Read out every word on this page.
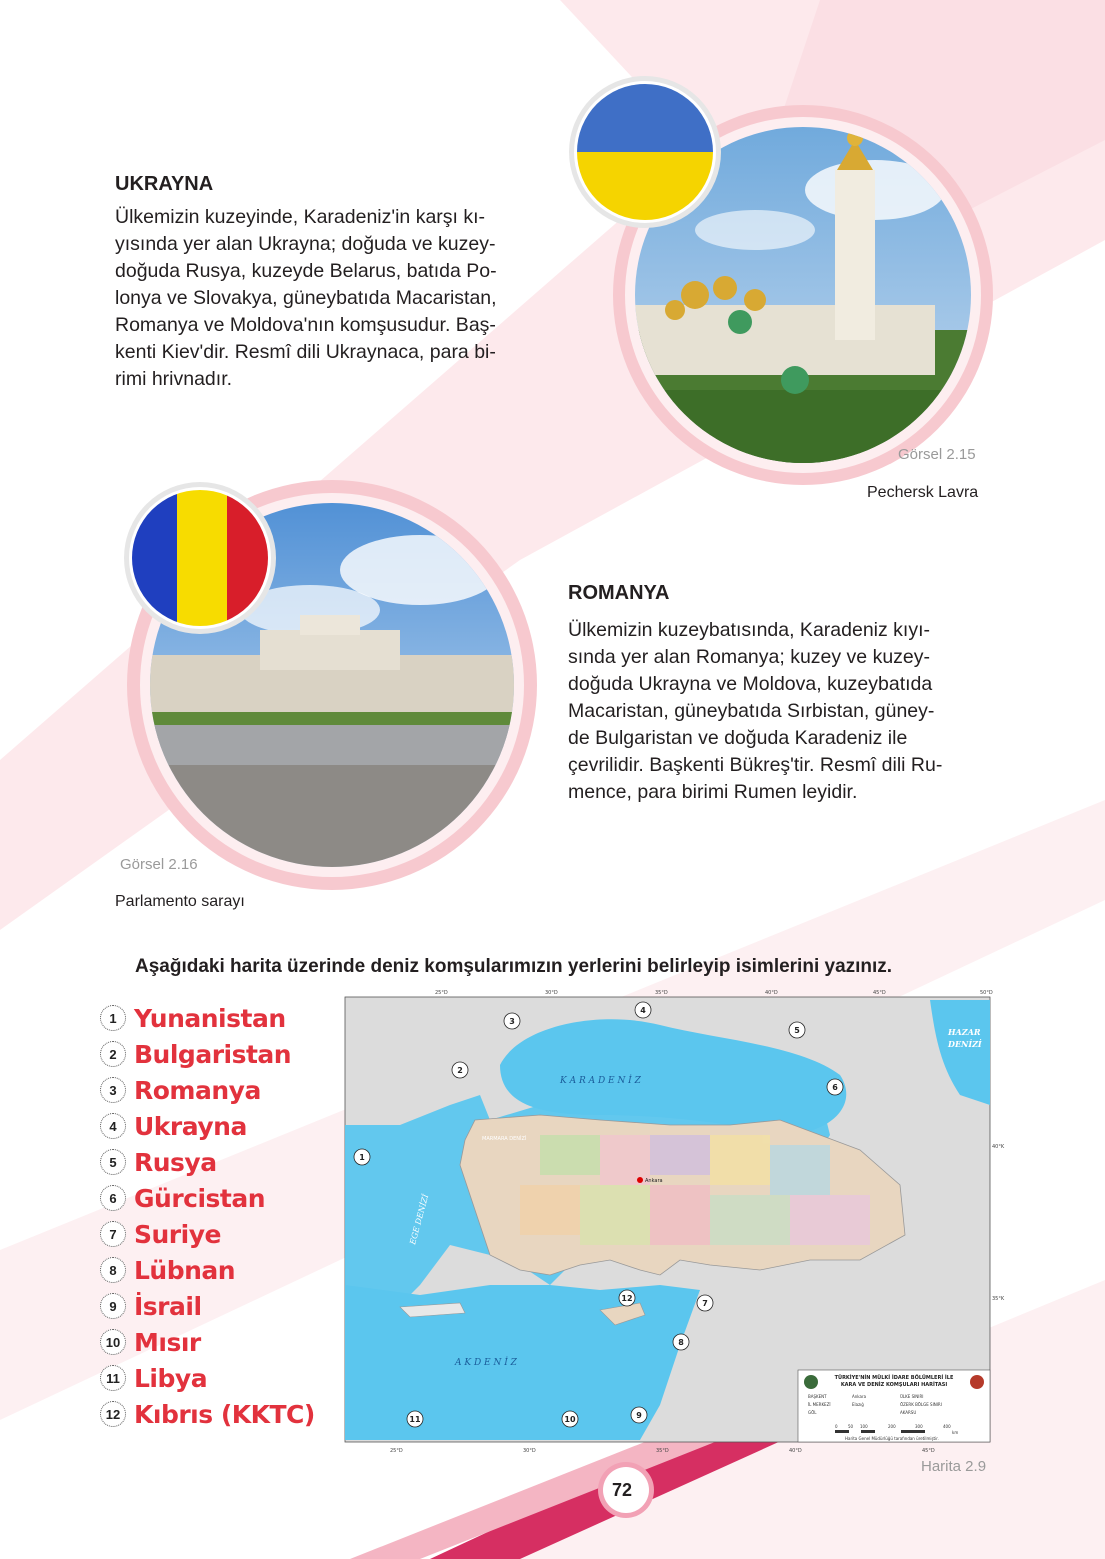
UKRAYNA
Ülkemizin kuzeyinde, Karadeniz'in karşı kı-
yısında yer alan Ukrayna; doğuda ve kuzey-
doğuda Rusya, kuzeyde Belarus, batıda Po-
lonya ve Slovakya, güneybatıda Macaristan,
Romanya ve Moldova'nın komşusudur. Baş-
kenti Kiev'dir. Resmî dili Ukraynaca, para bi-
rimi hrivnadır.
Görsel 2.15
Pechersk Lavra
ROMANYA
Ülkemizin kuzeybatısında, Karadeniz kıyı-
sında yer alan Romanya; kuzey ve kuzey-
doğuda Ukrayna ve Moldova, kuzeybatıda
Macaristan, güneybatıda Sırbistan, güney-
de Bulgaristan ve doğuda Karadeniz ile
çevrilidir. Başkenti Bükreş'tir. Resmî dili Ru-
mence, para birimi Rumen leyidir.
Görsel 2.16
Parlamento sarayı
Aşağıdaki harita üzerinde deniz komşularımızın yerlerini belirleyip isimlerini yazınız.
1 Yunanistan
2 Bulgaristan
3 Romanya
4 Ukrayna
5 Rusya
6 Gürcistan
7 Suriye
8 Lübnan
9 İsrail
10 Mısır
11 Libya
12 Kıbrıs (KKTC)
K A R A D E N İ Z
A K D E N İ Z
HAZAR
DENİZİ
EGE DENİZİ
MARMARA DENİZİ
25°D	30°D	35°D	40°D	45°D	50°D
25°D	30°D	35°D	40°D	45°D
40°K
35°K
Ankara
1
2
3
4
5
6
7
8
9
10
11
12
TÜRKİYE'NİN MÜLKİ İDARE BÖLÜMLERİ İLE
KARA VE DENİZ KOMŞULARI HARİTASI
BAŞKENT
İL MERKEZİ
GÖL
Ankara
Elazığ
ÜLKE SINIRI
ÖZERK BÖLGE SINIRI
AKARSU
0	50 100	200	300	400
km
Harita Genel Müdürlüğü tarafından üretilmiştir.
Harita 2.9
72
